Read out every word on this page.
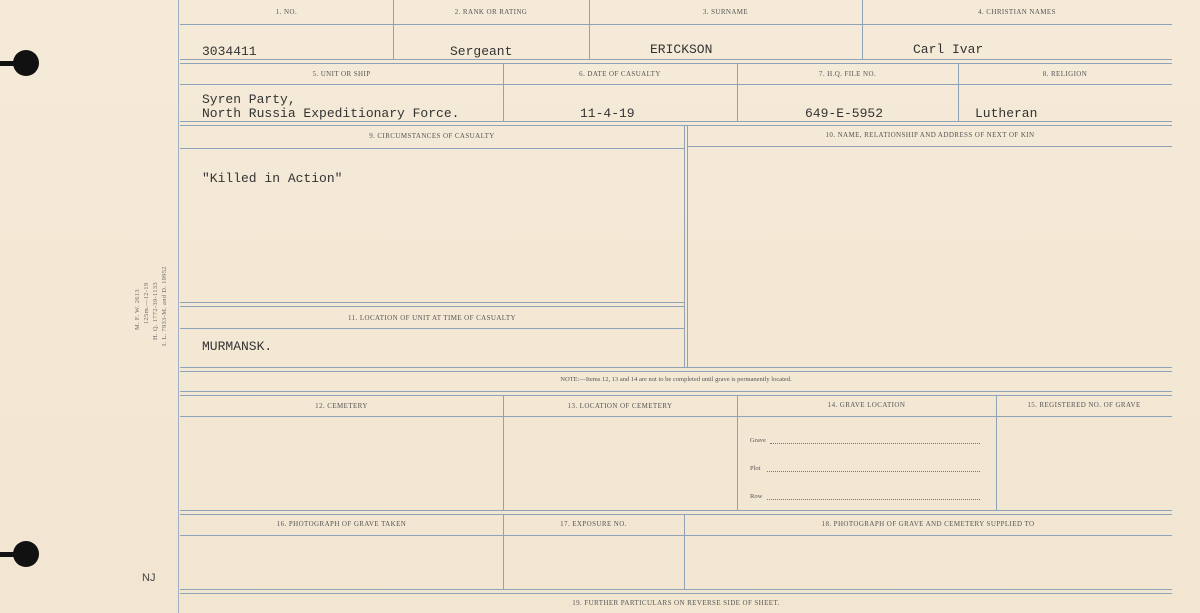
M. F. W. 2613 125m.—12-19 H. Q. 1772-39-1133 I. L. 7933-M. and D. 19952
NJ
1. NO.	2. RANK OR RATING	3. SURNAME	4. CHRISTIAN NAMES
3034411	Sergeant	ERICKSON	Carl Ivar
5. UNIT OR SHIP	6. DATE OF CASUALTY	7. H.Q. FILE NO.	8. RELIGION
Syren Party,
North Russia Expeditionary Force.	11-4-19	649-E-5952	Lutheran
9. CIRCUMSTANCES OF CASUALTY	10. NAME, RELATIONSHIP AND ADDRESS OF NEXT OF KIN
"Killed in Action"
11. LOCATION OF UNIT AT TIME OF CASUALTY
MURMANSK.
NOTE:—Items 12, 13 and 14 are not to be completed until grave is permanently located.
12. CEMETERY	13. LOCATION OF CEMETERY	14. GRAVE LOCATION	15. REGISTERED NO. OF GRAVE
Grave
Plot
Row
16. PHOTOGRAPH OF GRAVE TAKEN	17. EXPOSURE NO.	18. PHOTOGRAPH OF GRAVE AND CEMETERY SUPPLIED TO
19. FURTHER PARTICULARS ON REVERSE SIDE OF SHEET.
